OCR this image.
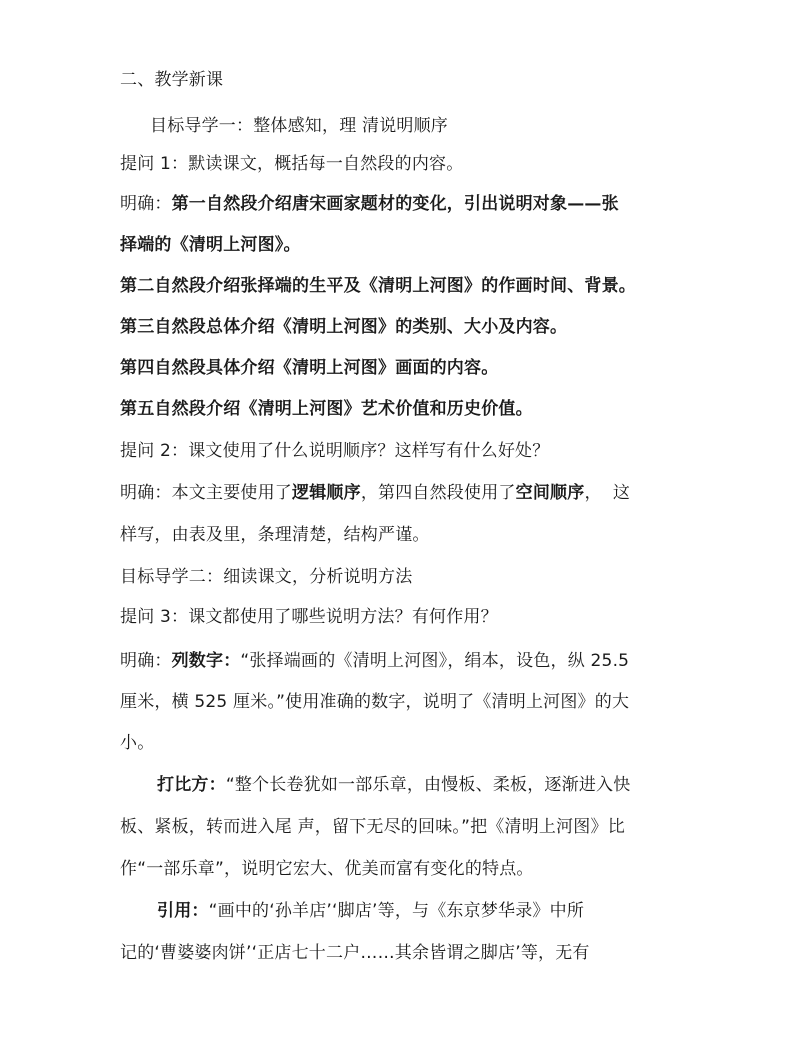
二、教学新课
目标导学一：整体感知，理 清说明顺序
提问 1：默读课文，概括每一自然段的内容。
明确：第一自然段介绍唐宋画家题材的变化，引出说明对象——张
择端的《清明上河图》。
第二自然段介绍张择端的生平及《清明上河图》的作画时间、背景。
第三自然段总体介绍《清明上河图》的类别、大小及内容。
第四自然段具体介绍《清明上河图》画面的内容。
第五自然段介绍《清明上河图》艺术价值和历史价值。
提问 2：课文使用了什么说明顺序？这样写有什么好处？
明确：本文主要使用了逻辑顺序，第四自然段使用了空间顺序，  这
样写，由表及里，条理清楚，结构严谨。
目标导学二：细读课文，分析说明方法
提问 3：课文都使用了哪些说明方法？有何作用？
明确：列数字：“张择端画的《清明上河图》，绢本，设色，纵 25.5
厘米，横 525 厘米。”使用准确的数字，说明了《清明上河图》的大
小。
打比方：“整个长卷犹如一部乐章，由慢板、柔板，逐渐进入快
板、紧板，转而进入尾 声，留下无尽的回味。”把《清明上河图》比
作“一部乐章”，说明它宏大、优美而富有变化的特点。
引用：“画中的‘孙羊店’‘脚店’等，与《东京梦华录》中所
记的‘曹婆婆肉饼’‘正店七十二户……其余皆谓之脚店’等，无有
